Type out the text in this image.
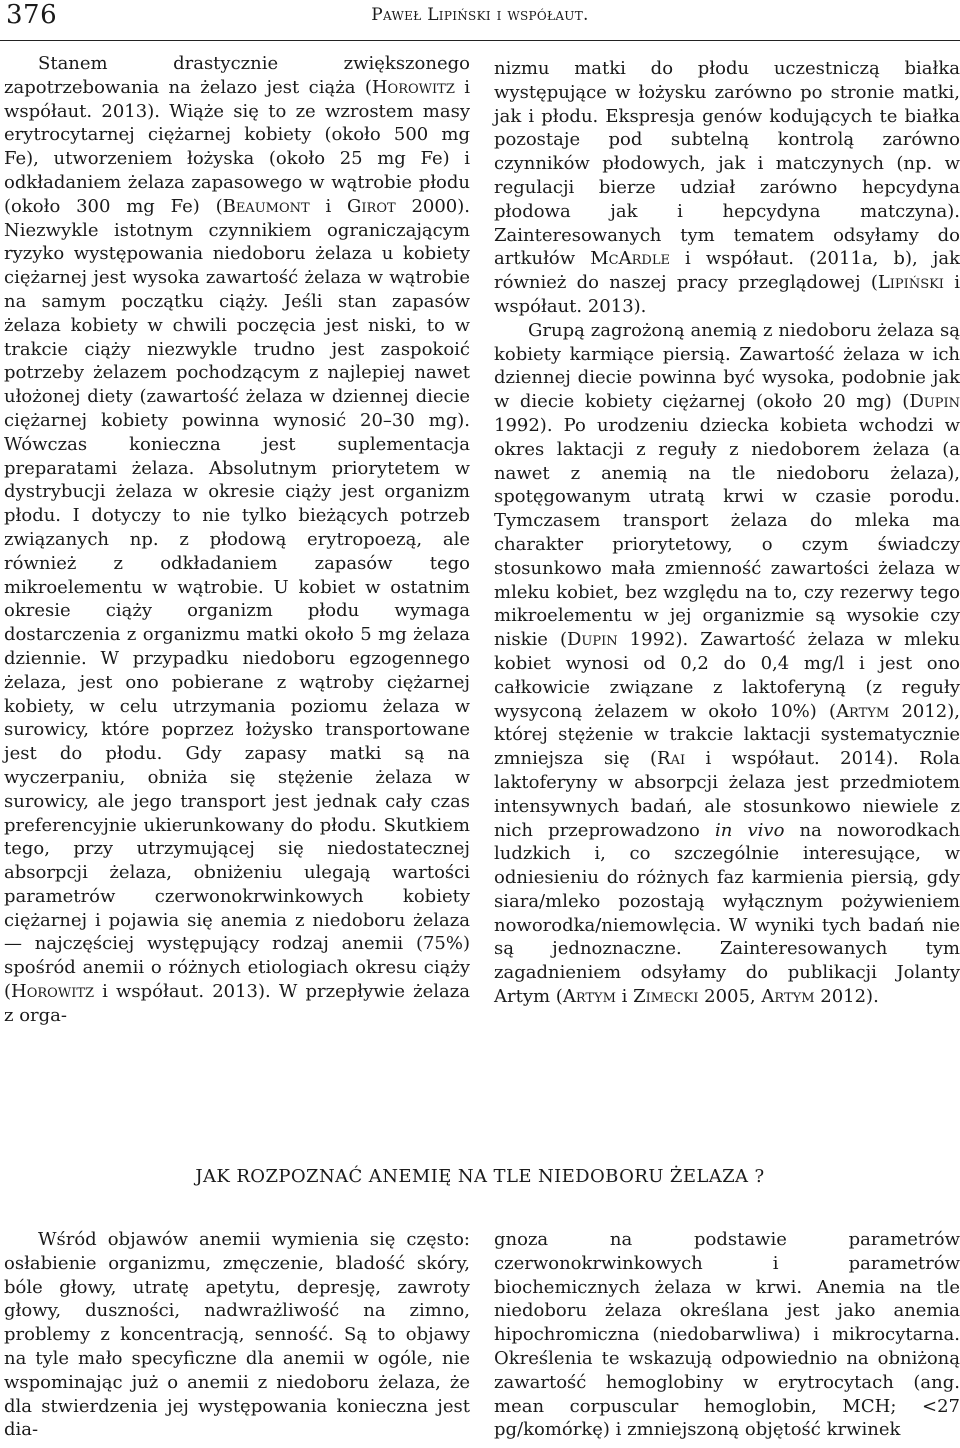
376	Paweł Lipiński i współaut.

Stanem drastycznie zwiększonego zapotrzebowania na żelazo jest ciąża (Horowitz i współaut. 2013). Wiąże się to ze wzrostem masy erytrocytarnej ciężarnej kobiety (około 500 mg Fe), utworzeniem łożyska (około 25 mg Fe) i odkładaniem żelaza zapasowego w wątrobie płodu (około 300 mg Fe) (Beaumont i Girot 2000). Niezwykle istotnym czynnikiem ograniczającym ryzyko występowania niedoboru żelaza u kobiety ciężarnej jest wysoka zawartość żelaza w wątrobie na samym początku ciąży. Jeśli stan zapasów żelaza kobiety w chwili poczęcia jest niski, to w trakcie ciąży niezwykle trudno jest zaspokoić potrzeby żelazem pochodzącym z najlepiej nawet ułożonej diety (zawartość żelaza w dziennej diecie ciężarnej kobiety powinna wynosić 20–30 mg). Wówczas konieczna jest suplementacja preparatami żelaza. Absolutnym priorytetem w dystrybucji żelaza w okresie ciąży jest organizm płodu. I dotyczy to nie tylko bieżących potrzeb związanych np. z płodową erytropoezą, ale również z odkładaniem zapasów tego mikroelementu w wątrobie. U kobiet w ostatnim okresie ciąży organizm płodu wymaga dostarczenia z organizmu matki około 5 mg żelaza dziennie. W przypadku niedoboru egzogennego żelaza, jest ono pobierane z wątroby ciężarnej kobiety, w celu utrzymania poziomu żelaza w surowicy, które poprzez łożysko transportowane jest do płodu. Gdy zapasy matki są na wyczerpaniu, obniża się stężenie żelaza w surowicy, ale jego transport jest jednak cały czas preferencyjnie ukierunkowany do płodu. Skutkiem tego, przy utrzymującej się niedostatecznej absorpcji żelaza, obniżeniu ulegają wartości parametrów czerwonokrwinkowych kobiety ciężarnej i pojawia się anemia z niedoboru żelaza — najczęściej występujący rodzaj anemii (75%) spośród anemii o różnych etiologiach okresu ciąży (Horowitz i współaut. 2013). W przepływie żelaza z orga-

nizmu matki do płodu uczestniczą białka występujące w łożysku zarówno po stronie matki, jak i płodu. Ekspresja genów kodujących te białka pozostaje pod subtelną kontrolą zarówno czynników płodowych, jak i matczynych (np. w regulacji bierze udział zarówno hepcydyna płodowa jak i hepcydyna matczyna). Zainteresowanych tym tematem odsyłamy do artkułów McArdle i współaut. (2011a, b), jak również do naszej pracy przeglądowej (Lipiński i współaut. 2013).

Grupą zagrożoną anemią z niedoboru żelaza są kobiety karmiące piersią. Zawartość żelaza w ich dziennej diecie powinna być wysoka, podobnie jak w diecie kobiety ciężarnej (około 20 mg) (Dupin 1992). Po urodzeniu dziecka kobieta wchodzi w okres laktacji z reguły z niedoborem żelaza (a nawet z anemią na tle niedoboru żelaza), spotęgowanym utratą krwi w czasie porodu. Tymczasem transport żelaza do mleka ma charakter priorytetowy, o czym świadczy stosunkowo mała zmienność zawartości żelaza w mleku kobiet, bez względu na to, czy rezerwy tego mikroelementu w jej organizmie są wysokie czy niskie (Dupin 1992). Zawartość żelaza w mleku kobiet wynosi od 0,2 do 0,4 mg/l i jest ono całkowicie związane z laktoferyną (z reguły wysyconą żelazem w około 10%) (Artym 2012), której stężenie w trakcie laktacji systematycznie zmniejsza się (Rai i współaut. 2014). Rola laktoferyny w absorpcji żelaza jest przedmiotem intensywnych badań, ale stosunkowo niewiele z nich przeprowadzono in vivo na noworodkach ludzkich i, co szczególnie interesujące, w odniesieniu do różnych faz karmienia piersią, gdy siara/mleko pozostają wyłącznym pożywieniem noworodka/niemowlęcia. W wyniki tych badań nie są jednoznaczne. Zainteresowanych tym zagadnieniem odsyłamy do publikacji Jolanty Artym (Artym i Zimecki 2005, Artym 2012).

JAK ROZPOZNAĆ ANEMIĘ NA TLE NIEDOBORU ŻELAZA ?

Wśród objawów anemii wymienia się często: osłabienie organizmu, zmęczenie, bladość skóry, bóle głowy, utratę apetytu, depresję, zawroty głowy, duszności, nadwrażliwość na zimno, problemy z koncentracją, senność. Są to objawy na tyle mało specyficzne dla anemii w ogóle, nie wspominając już o anemii z niedoboru żelaza, że dla stwierdzenia jej występowania konieczna jest dia-

gnoza na podstawie parametrów czerwonokrwinkowych i parametrów biochemicznych żelaza w krwi. Anemia na tle niedoboru żelaza określana jest jako anemia hipochromiczna (niedobarwliwa) i mikrocytarna. Określenia te wskazują odpowiednio na obniżoną zawartość hemoglobiny w erytrocytach (ang. mean corpuscular hemoglobin, MCH; <27 pg/komórkę) i zmniejszoną objętość krwinek
